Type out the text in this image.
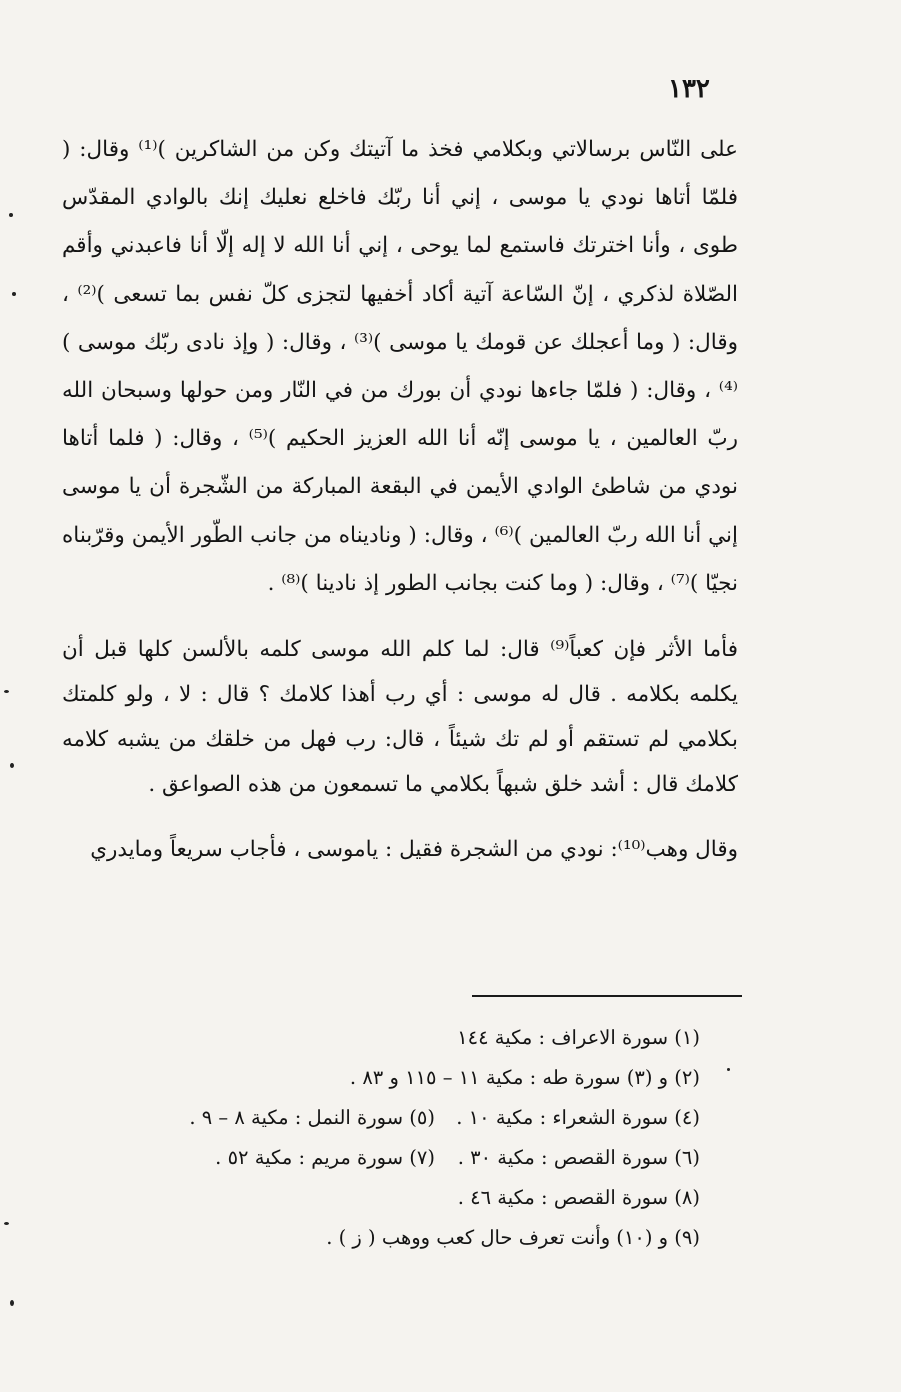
١٣٢

على النّاس برسالاتي وبكلامي فخذ ما آتيتك وكن من الشاكرين )⁽¹⁾ وقال: ( فلمّا أتاها نودي يا موسى ، إني أنا ربّك فاخلع نعليك إنك بالوادي المقدّس طوى ، وأنا اخترتك فاستمع لما يوحى ، إني أنا الله لا إله إلّا أنا فاعبدني وأقم الصّلاة لذكري ، إنّ السّاعة آتية أكاد أخفيها لتجزى كلّ نفس بما تسعى )⁽²⁾ ، وقال: ( وما أعجلك عن قومك يا موسى )⁽³⁾ ، وقال: ( وإذ نادى ربّك موسى )⁽⁴⁾ ، وقال: ( فلمّا جاءها نودي أن بورك من في النّار ومن حولها وسبحان الله ربّ العالمين ، يا موسى إنّه أنا الله العزيز الحكيم )⁽⁵⁾ ، وقال: ( فلما أتاها نودي من شاطئ الوادي الأيمن في البقعة المباركة من الشّجرة أن يا موسى إني أنا الله ربّ العالمين )⁽⁶⁾ ، وقال: ( وناديناه من جانب الطّور الأيمن وقرّبناه نجيّا )⁽⁷⁾ ، وقال: ( وما كنت بجانب الطور إذ نادينا )⁽⁸⁾ .

فأما الأثر فإن كعباً⁽⁹⁾ قال: لما كلم الله موسى كلمه بالألسن كلها قبل أن يكلمه بكلامه . قال له موسى : أي رب أهذا كلامك ؟ قال : لا ، ولو كلمتك بكلامي لم تستقم أو لم تك شيئاً ، قال: رب فهل من خلقك من يشبه كلامه كلامك قال : أشد خلق شبهاً بكلامي ما تسمعون من هذه الصواعق .

وقال وهب⁽¹⁰⁾: نودي من الشجرة فقيل : ياموسى ، فأجاب سريعاً ومايدري

(١) سورة الاعراف : مكية ١٤٤
(٢) و (٣) سورة طه : مكية ١١ – ١١٥ و ٨٣ .
(٤) سورة الشعراء : مكية ١٠ .
(٥) سورة النمل : مكية ٨ – ٩ .
(٦) سورة القصص : مكية ٣٠ .
(٧) سورة مريم : مكية ٥٢ .
(٨) سورة القصص : مكية ٤٦ .
(٩) و (١٠) وأنت تعرف حال كعب ووهب ( ز ) .
